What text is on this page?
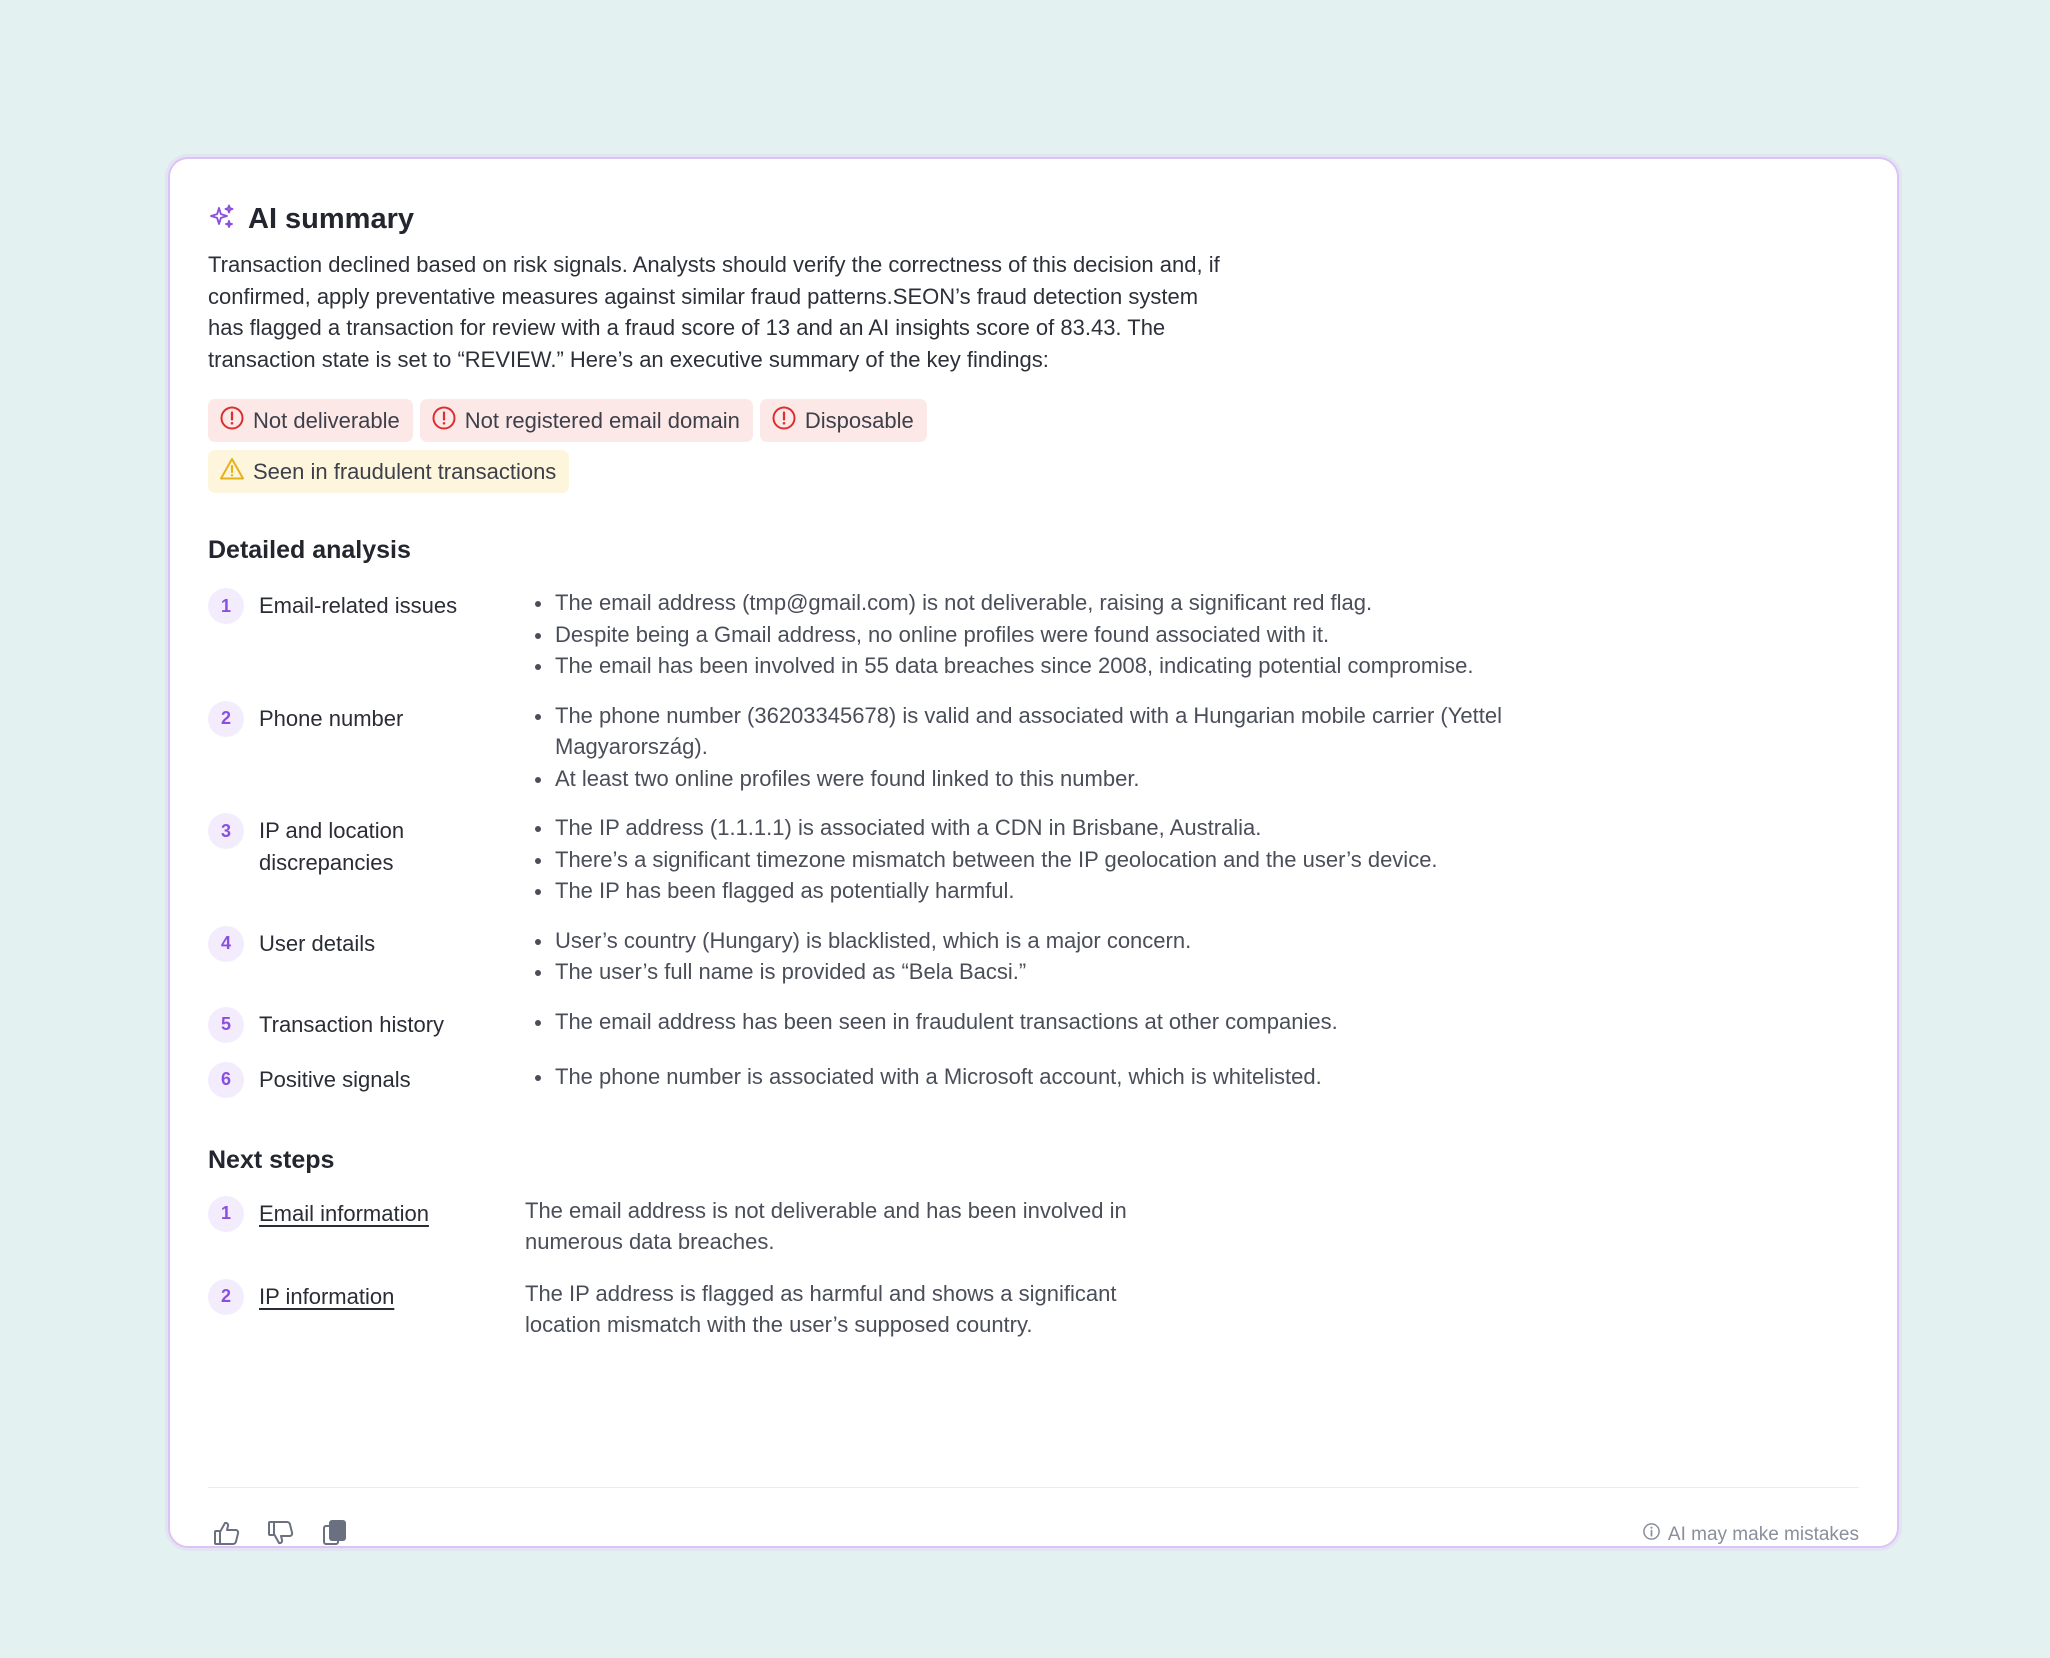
AI summary

Transaction declined based on risk signals. Analysts should verify the correctness of this decision and, if confirmed, apply preventative measures against similar fraud patterns.SEON’s fraud detection system has flagged a transaction for review with a fraud score of 13 and an AI insights score of 83.43. The transaction state is set to “REVIEW.” Here’s an executive summary of the key findings:

Not deliverable	Not registered email domain	Disposable
Seen in fraudulent transactions
Detailed analysis
1	Email-related issues	The email address (tmp@gmail.com) is not deliverable, raising a significant red flag.
Despite being a Gmail address, no online profiles were found associated with it.
The email has been involved in 55 data breaches since 2008, indicating potential compromise.
2	Phone number	The phone number (36203345678) is valid and associated with a Hungarian mobile carrier (Yettel Magyarország).
At least two online profiles were found linked to this number.
3	IP and location discrepancies
The IP address (1.1.1.1) is associated with a CDN in Brisbane, Australia.
There’s a significant timezone mismatch between the IP geolocation and the user’s device.
The IP has been flagged as potentially harmful.
4	User details	User’s country (Hungary) is blacklisted, which is a major concern.
The user’s full name is provided as “Bela Bacsi.”
5	Transaction history	The email address has been seen in fraudulent transactions at other companies.
6	Positive signals	The phone number is associated with a Microsoft account, which is whitelisted.
Next steps
1	Email information	The email address is not deliverable and has been involved in numerous data breaches.
2	IP information	The IP address is flagged as harmful and shows a significant location mismatch with the user’s supposed country.
AI may make mistakes
